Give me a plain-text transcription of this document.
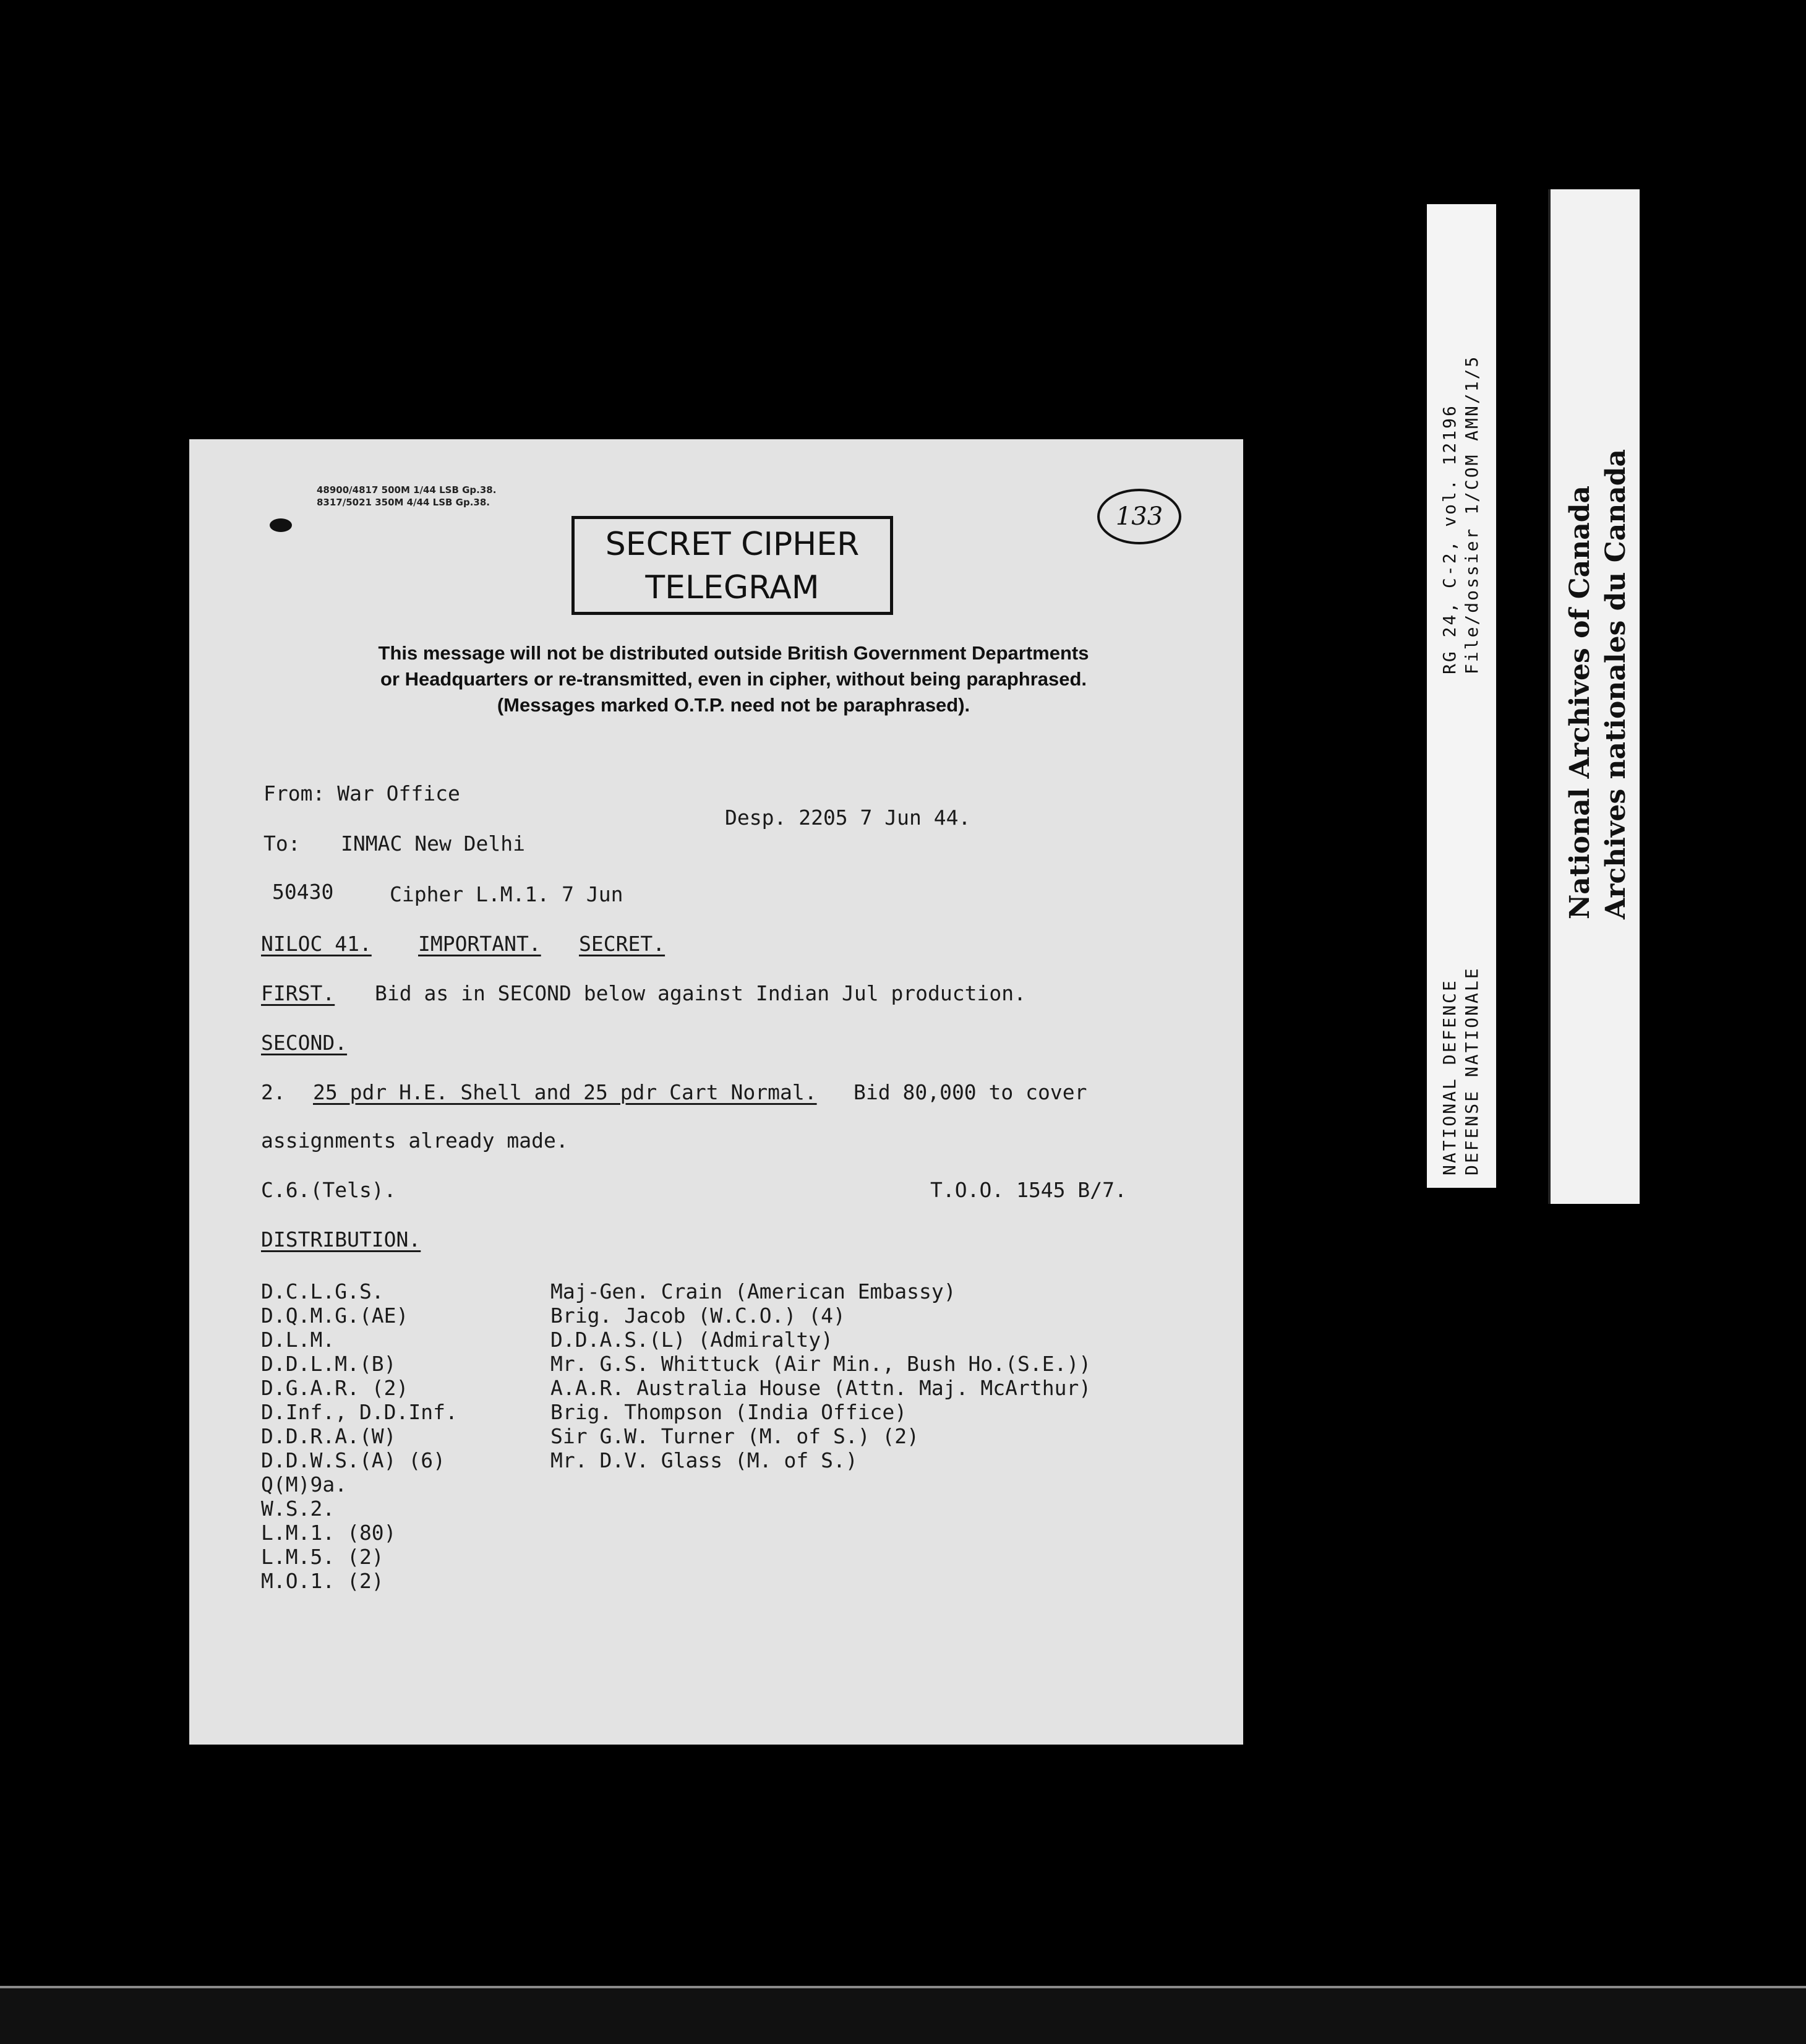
RG 24, C-2, vol. 12196 File/dossier 1/COM AMN/1/5
NATIONAL DEFENCE DEFENSE NATIONALE
National Archives of Canada Archives nationales du Canada
48900/4817 500M 1/44 LSB Gp.38.
8317/5021 350M 4/44 LSB Gp.38.
SECRET CIPHER
TELEGRAM
133
This message will not be distributed outside British Government Departments
or Headquarters or re-transmitted, even in cipher, without being paraphrased.
(Messages marked O.T.P. need not be paraphrased).
From: War Office
Desp. 2205 7 Jun 44.
To: INMAC New Delhi
50430	Cipher L.M.1. 7 Jun
NILOC 41. IMPORTANT. SECRET.
FIRST. Bid as in SECOND below against Indian Jul production.
SECOND.
2. 25 pdr H.E. Shell and 25 pdr Cart Normal. Bid 80,000 to cover
assignments already made.
C.6.(Tels).	T.O.O. 1545 B/7.
DISTRIBUTION.
D.C.L.G.S.
D.Q.M.G.(AE)
D.L.M.
D.D.L.M.(B)
D.G.A.R. (2)
D.Inf., D.D.Inf.
D.D.R.A.(W)
D.D.W.S.(A) (6)
Q(M)9a.
W.S.2.
L.M.1. (80)
L.M.5. (2)
M.O.1. (2)
Maj-Gen. Crain (American Embassy)
Brig. Jacob (W.C.O.) (4)
D.D.A.S.(L) (Admiralty)
Mr. G.S. Whittuck (Air Min., Bush Ho.(S.E.))
A.A.R. Australia House (Attn. Maj. McArthur)
Brig. Thompson (India Office)
Sir G.W. Turner (M. of S.) (2)
Mr. D.V. Glass (M. of S.)
